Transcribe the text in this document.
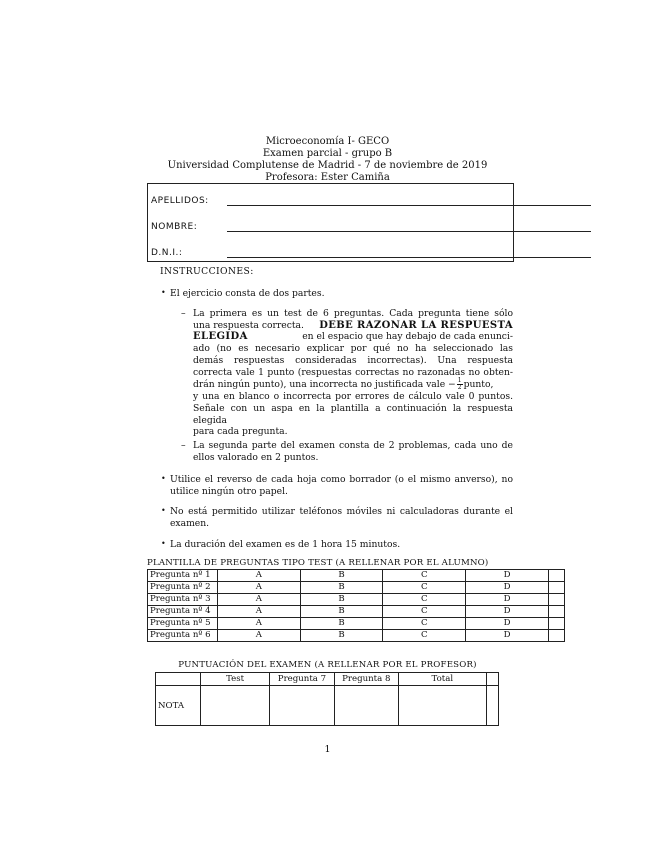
Microeconomía I- GECO
Examen parcial - grupo B
Universidad Complutense de Madrid - 7 de noviembre de 2019
Profesora: Ester Camiña
APELLIDOS:
NOMBRE:
D.N.I.:
INSTRUCCIONES:
• El ejercicio consta de dos partes.
– La primera es un test de 6 preguntas. Cada pregunta tiene sólo
una respuesta correcta. DEBE RAZONAR LA RESPUESTA
ELEGIDA	en el espacio que hay debajo de cada enunci-
ado (no es necesario explicar por qué no ha seleccionado las
demás respuestas consideradas incorrectas). Una respuesta
correcta vale 1 punto (respuestas correctas no razonadas no obten-
drán ningún punto), una incorrecta no justificada vale − $\frac{1}{2}$ punto,
y una en blanco o incorrecta por errores de cálculo vale 0 puntos.
Señale con un aspa en la plantilla a continuación la respuesta elegida
para cada pregunta.
– La segunda parte del examen consta de 2 problemas, cada uno de
ellos valorado en 2 puntos.
• Utilice el reverso de cada hoja como borrador (o el mismo anverso), no
utilice ningún otro papel.
• No está permitido utilizar teléfonos móviles ni calculadoras durante el
examen.
• La duración del examen es de 1 hora 15 minutos.
PLANTILLA DE PREGUNTAS TIPO TEST (A RELLENAR POR EL ALUMNO)
Pregunta nº 1	A	B	C	D	
Pregunta nº 2	A	B	C	D	
Pregunta nº 3	A	B	C	D	
Pregunta nº 4	A	B	C	D	
Pregunta nº 5	A	B	C	D	
Pregunta nº 6	A	B	C	D	
PUNTUACIÓN DEL EXAMEN (A RELLENAR POR EL PROFESOR)
	Test	Pregunta 7	Pregunta 8	Total	
NOTA					
1
